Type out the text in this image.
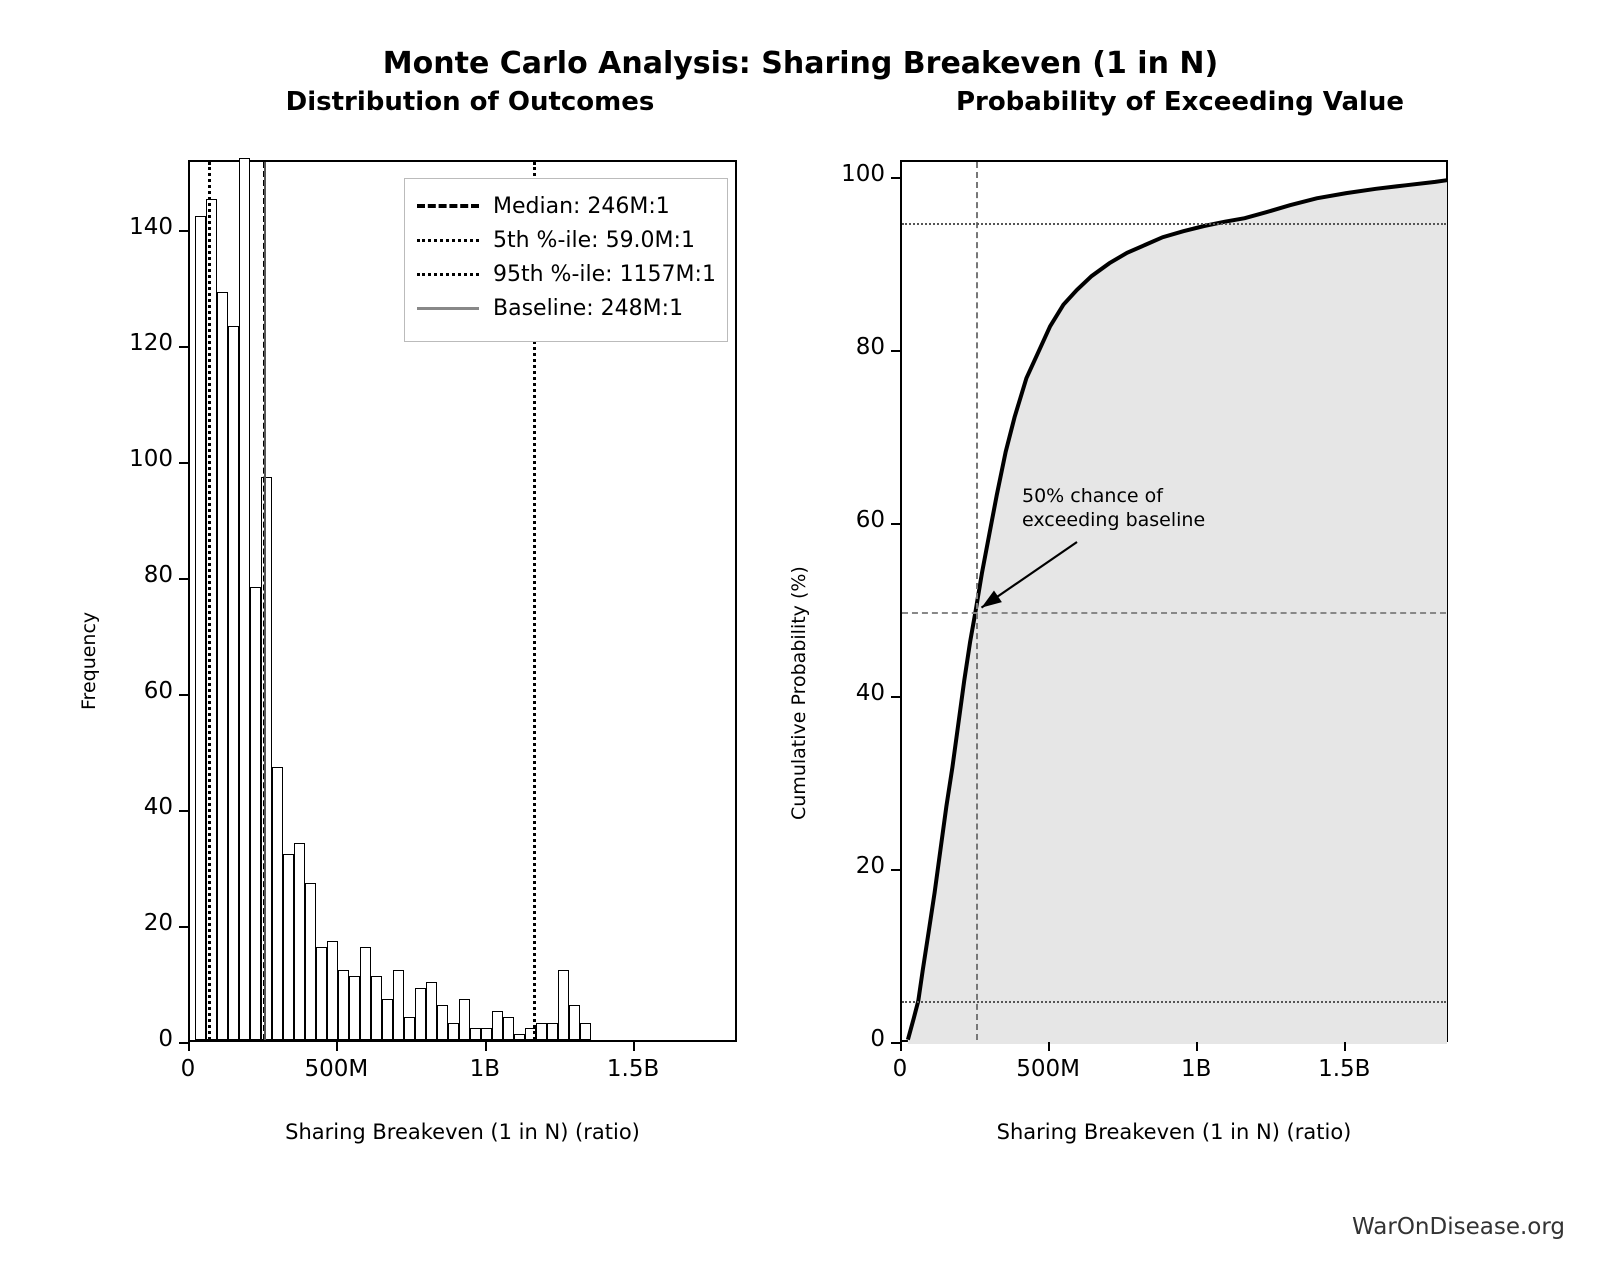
Monte Carlo Analysis: Sharing Breakeven (1 in N)
Distribution of Outcomes	Probability of Exceeding Value
Frequency
Sharing Breakeven (1 in N) (ratio)
Median: 246M:1
5th %-ile: 59.0M:1
95th %-ile: 1157M:1
Baseline: 248M:1
Cumulative Probability (%)
Sharing Breakeven (1 in N) (ratio)
50% chance of
exceeding baseline
WarOnDisease.org
0
20
40
60
80
100
120
140
0	500M	1B	1.5B
0
20
40
60
80
100
0	500M	1B	1.5B
